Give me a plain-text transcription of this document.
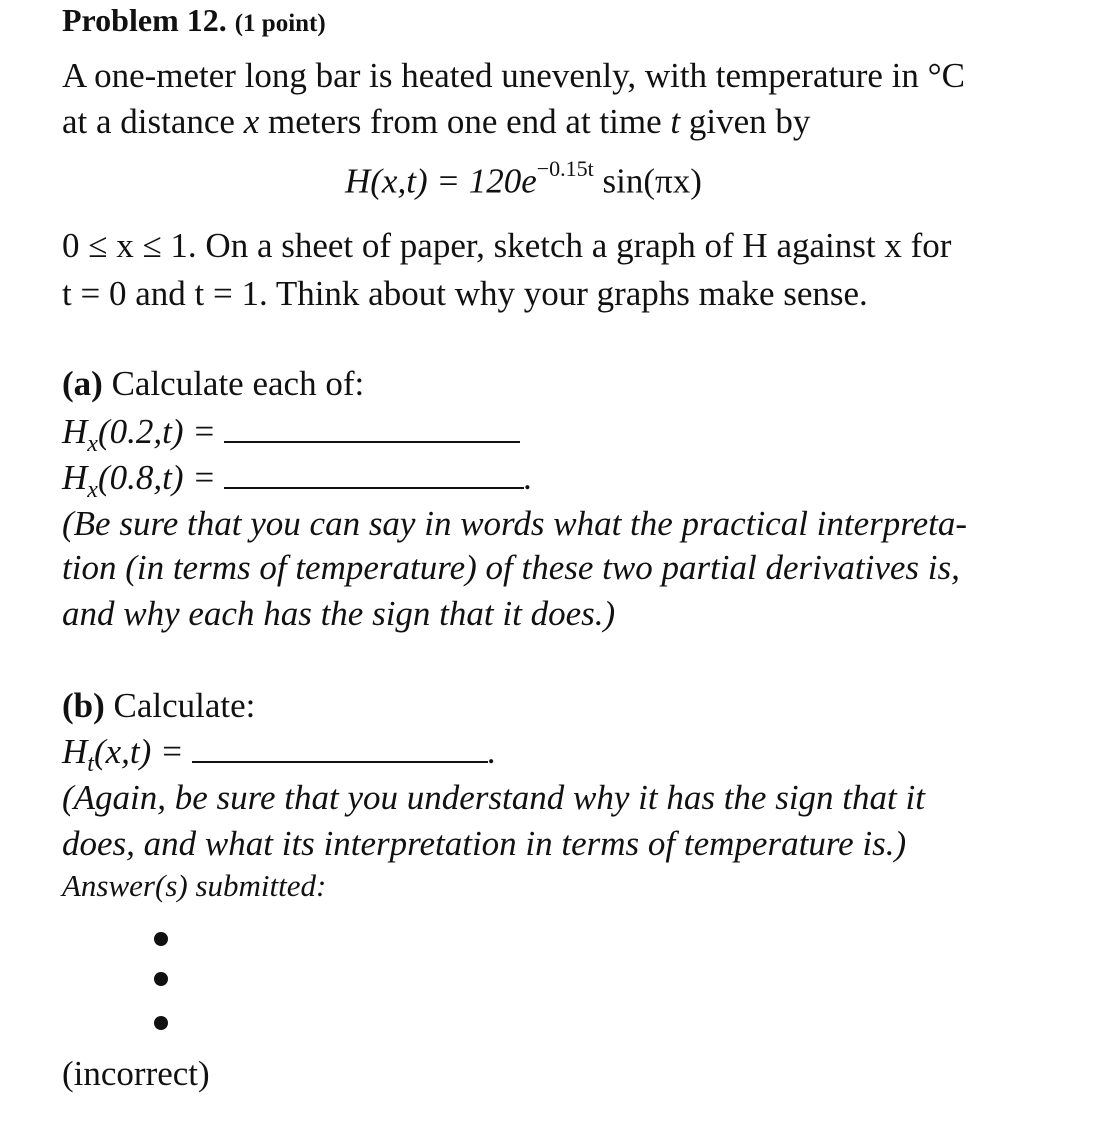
Problem 12. (1 point)
A one-meter long bar is heated unevenly, with temperature in °C
at a distance x meters from one end at time t given by
$H(x,t) = 120e^{-0.15t}$ sin(πx)
0 ≤ x ≤ 1. On a sheet of paper, sketch a graph of H against x for
t = 0 and t = 1. Think about why your graphs make sense.
(a) Calculate each of:
$H_x(0.2,t)$ =
$H_x(0.8,t)$ =	.
(Be sure that you can say in words what the practical interpreta-
tion (in terms of temperature) of these two partial derivatives is,
and why each has the sign that it does.)
(b) Calculate:
$H_t(x,t)$ =	.
(Again, be sure that you understand why it has the sign that it
does, and what its interpretation in terms of temperature is.)
Answer(s) submitted:
(incorrect)
